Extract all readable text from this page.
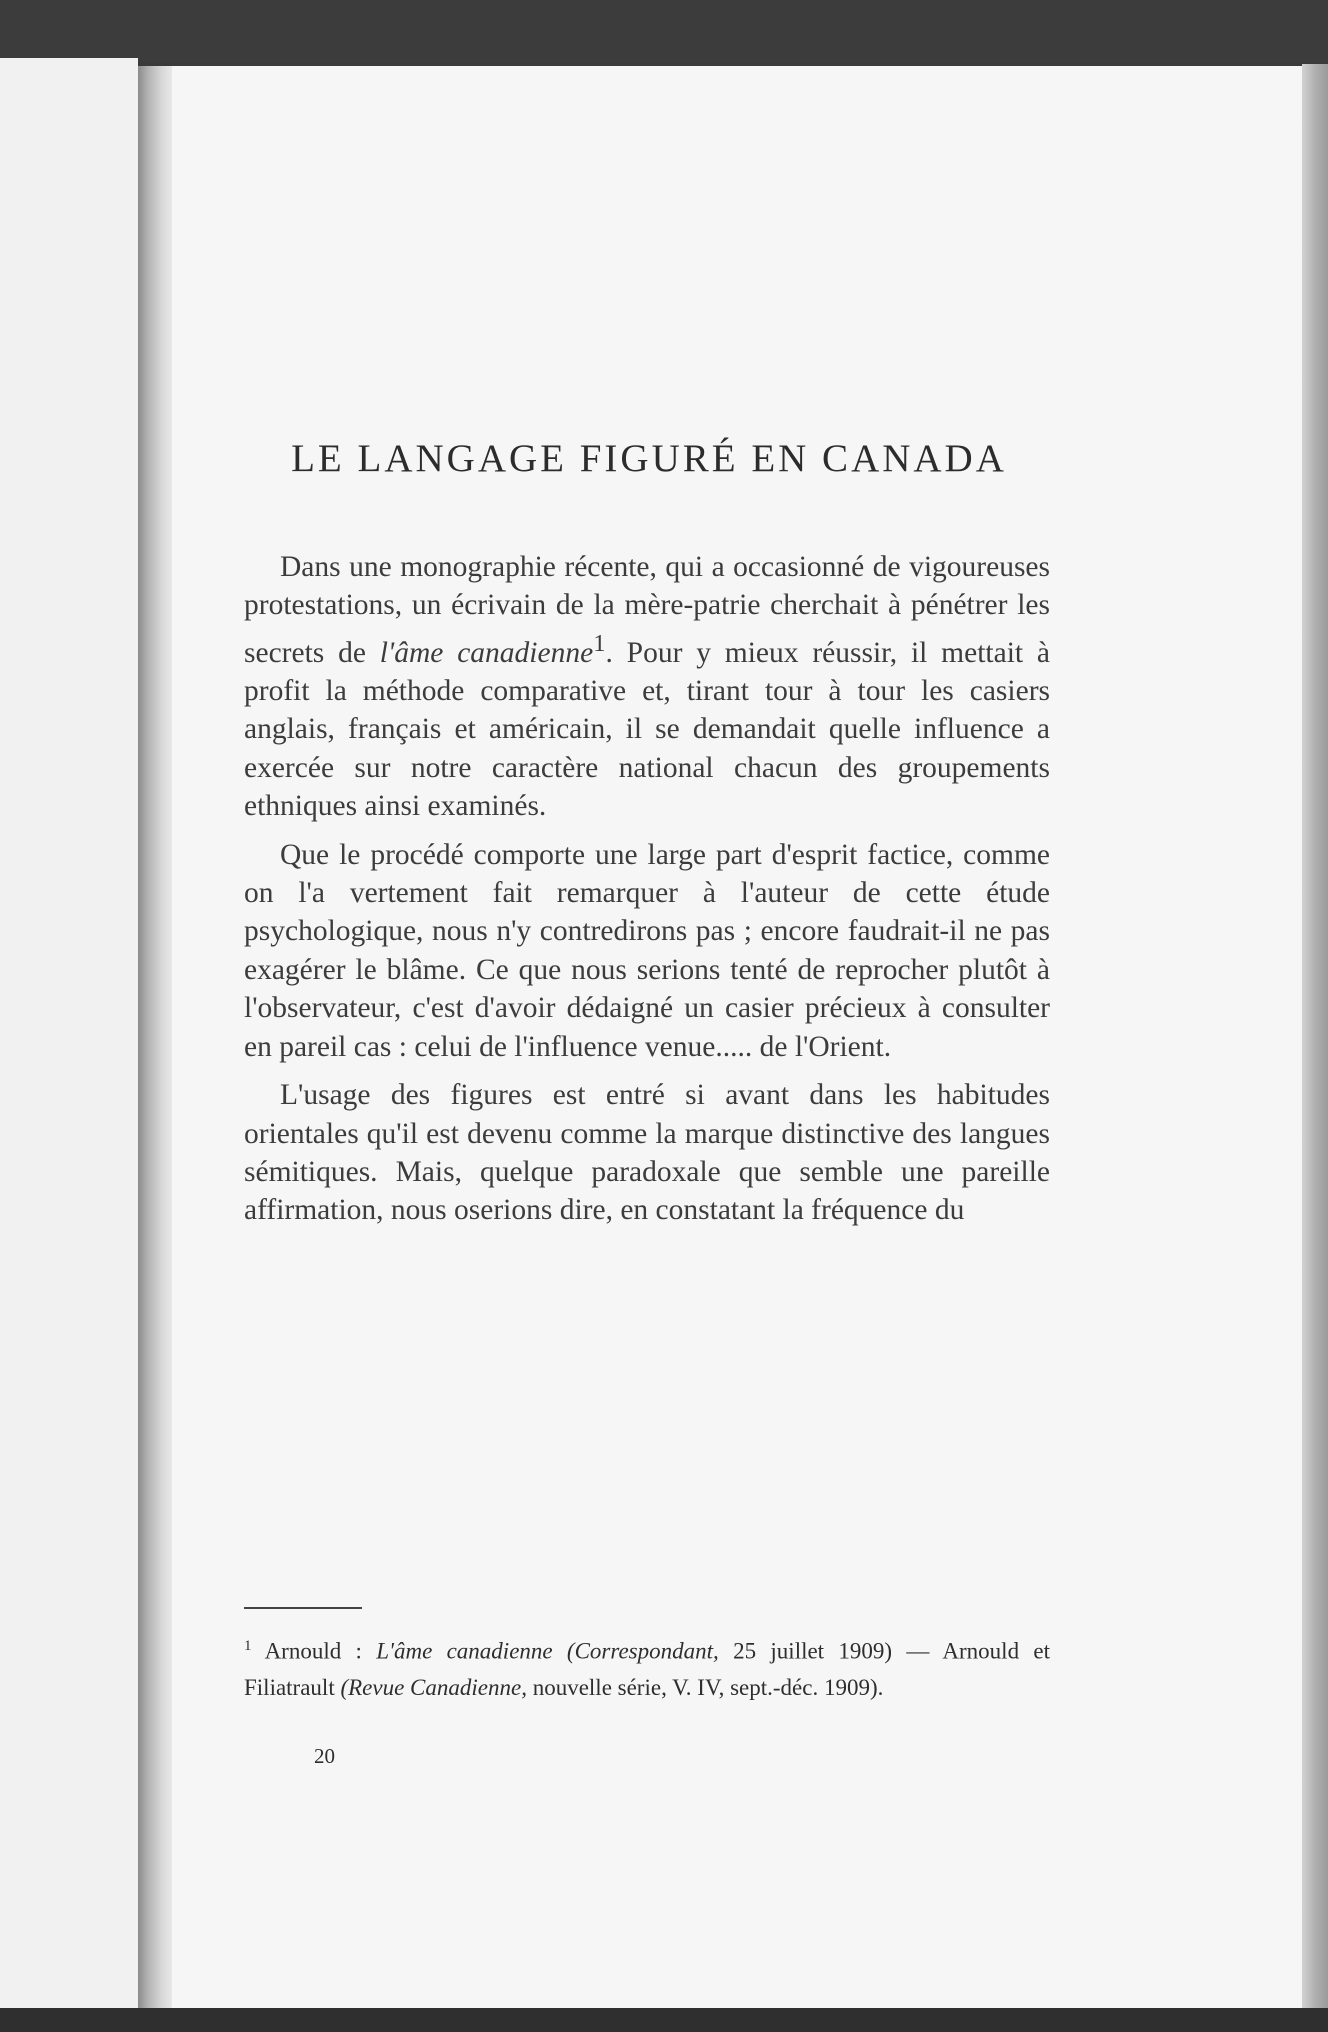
LE LANGAGE FIGURÉ EN CANADA

Dans une monographie récente, qui a occasionné de vigoureuses protestations, un écrivain de la mère-patrie cherchait à pénétrer les secrets de l'âme canadienne$^1$. Pour y mieux réussir, il mettait à profit la méthode comparative et, tirant tour à tour les casiers anglais, français et américain, il se demandait quelle influence a exercée sur notre caractère national chacun des groupements ethniques ainsi examinés.

Que le procédé comporte une large part d'esprit factice, comme on l'a vertement fait remarquer à l'auteur de cette étude psychologique, nous n'y contredirons pas ; encore faudrait-il ne pas exagérer le blâme. Ce que nous serions tenté de reprocher plutôt à l'observateur, c'est d'avoir dédaigné un casier précieux à consulter en pareil cas : celui de l'influence venue..... de l'Orient.

L'usage des figures est entré si avant dans les habitudes orientales qu'il est devenu comme la marque distinctive des langues sémitiques. Mais, quelque paradoxale que semble une pareille affirmation, nous oserions dire, en constatant la fréquence du

$^1$ Arnould : L'âme canadienne (Correspondant, 25 juillet 1909) — Arnould et Filiatrault (Revue Canadienne, nouvelle série, V. IV, sept.-déc. 1909).

20
